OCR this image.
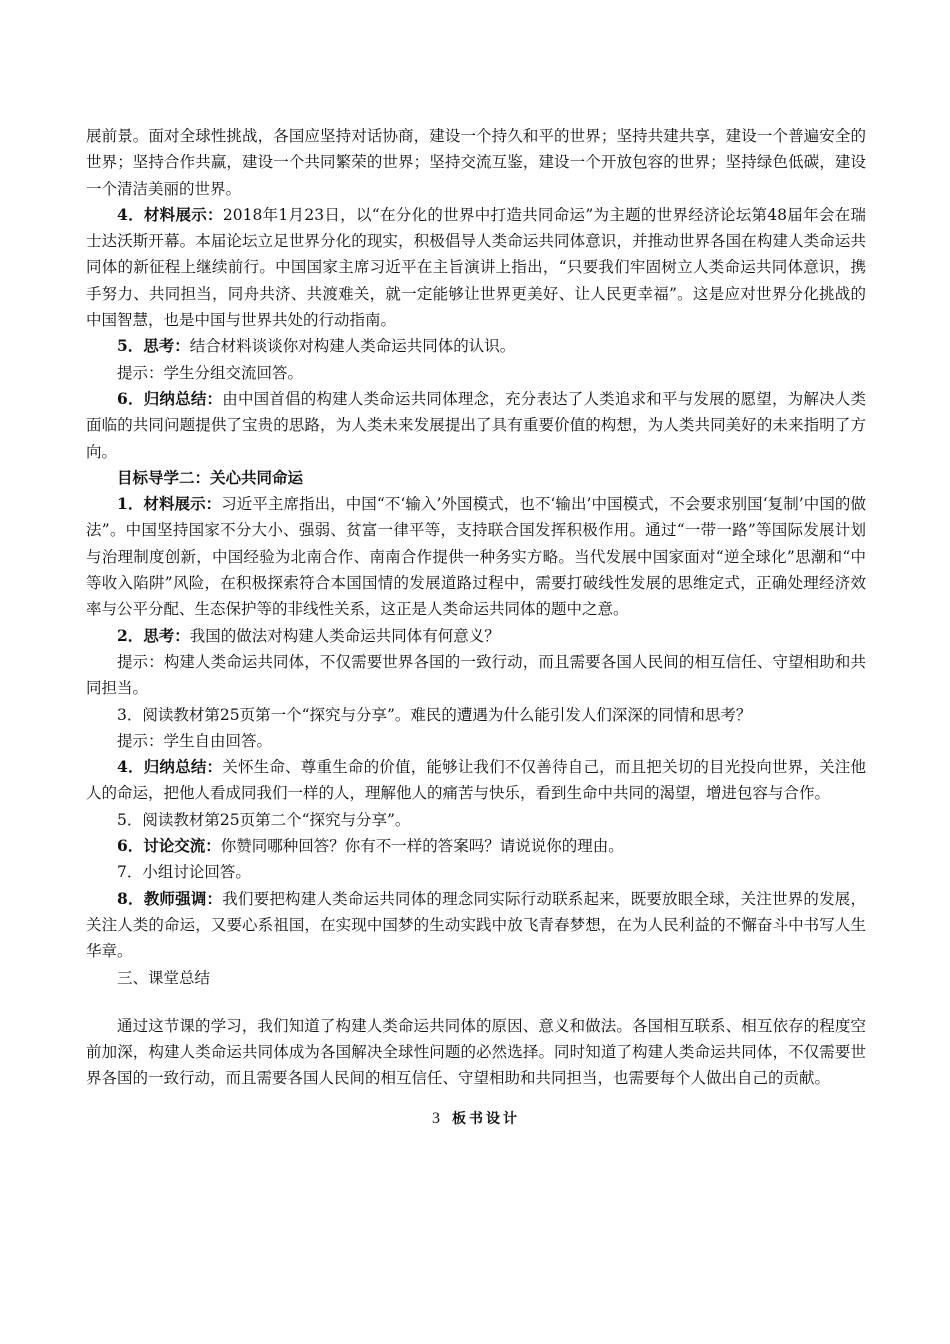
展前景。面对全球性挑战，各国应坚持对话协商，建设一个持久和平的世界；坚持共建共享，建设一个普遍安全的世界；坚持合作共赢，建设一个共同繁荣的世界；坚持交流互鉴，建设一个开放包容的世界；坚持绿色低碳，建设一个清洁美丽的世界。

4．材料展示：2018年1月23日，以“在分化的世界中打造共同命运”为主题的世界经济论坛第48届年会在瑞士达沃斯开幕。本届论坛立足世界分化的现实，积极倡导人类命运共同体意识，并推动世界各国在构建人类命运共同体的新征程上继续前行。中国国家主席习近平在主旨演讲上指出，“只要我们牢固树立人类命运共同体意识，携手努力、共同担当，同舟共济、共渡难关，就一定能够让世界更美好、让人民更幸福”。这是应对世界分化挑战的中国智慧，也是中国与世界共处的行动指南。

5．思考：结合材料谈谈你对构建人类命运共同体的认识。

提示：学生分组交流回答。

6．归纳总结：由中国首倡的构建人类命运共同体理念，充分表达了人类追求和平与发展的愿望，为解决人类面临的共同问题提供了宝贵的思路，为人类未来发展提出了具有重要价值的构想，为人类共同美好的未来指明了方向。

目标导学二：关心共同命运

1．材料展示：习近平主席指出，中国“不‘输入’外国模式，也不‘输出’中国模式，不会要求别国‘复制’中国的做法”。中国坚持国家不分大小、强弱、贫富一律平等，支持联合国发挥积极作用。通过“一带一路”等国际发展计划与治理制度创新，中国经验为北南合作、南南合作提供一种务实方略。当代发展中国家面对“逆全球化”思潮和“中等收入陷阱”风险，在积极探索符合本国国情的发展道路过程中，需要打破线性发展的思维定式，正确处理经济效率与公平分配、生态保护等的非线性关系，这正是人类命运共同体的题中之意。

2．思考：我国的做法对构建人类命运共同体有何意义？

提示：构建人类命运共同体，不仅需要世界各国的一致行动，而且需要各国人民间的相互信任、守望相助和共同担当。

3．阅读教材第25页第一个“探究与分享”。难民的遭遇为什么能引发人们深深的同情和思考？

提示：学生自由回答。

4．归纳总结：关怀生命、尊重生命的价值，能够让我们不仅善待自己，而且把关切的目光投向世界，关注他人的命运，把他人看成同我们一样的人，理解他人的痛苦与快乐，看到生命中共同的渴望，增进包容与合作。

5．阅读教材第25页第二个“探究与分享”。

6．讨论交流：你赞同哪种回答？你有不一样的答案吗？请说说你的理由。

7．小组讨论回答。

8．教师强调：我们要把构建人类命运共同体的理念同实际行动联系起来，既要放眼全球，关注世界的发展，关注人类的命运，又要心系祖国，在实现中国梦的生动实践中放飞青春梦想，在为人民利益的不懈奋斗中书写人生华章。

三、课堂总结

通过这节课的学习，我们知道了构建人类命运共同体的原因、意义和做法。各国相互联系、相互依存的程度空前加深，构建人类命运共同体成为各国解决全球性问题的必然选择。同时知道了构建人类命运共同体，不仅需要世界各国的一致行动，而且需要各国人民间的相互信任、守望相助和共同担当，也需要每个人做出自己的贡献。

3 板书设计
